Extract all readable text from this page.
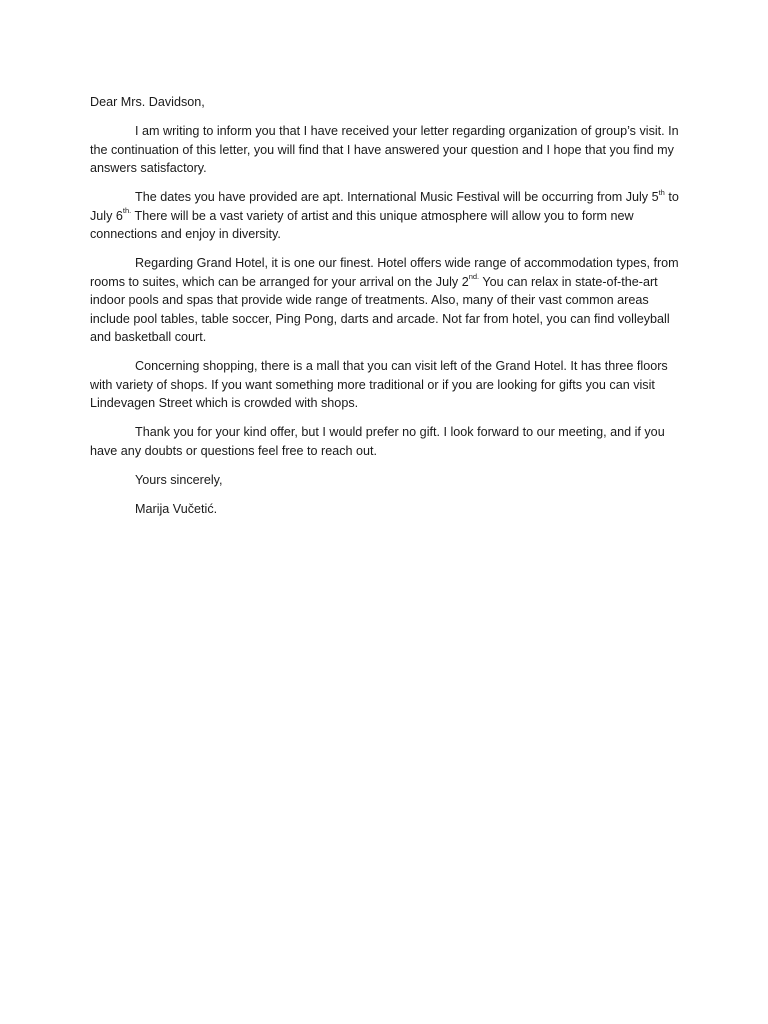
Dear Mrs. Davidson,

I am writing to inform you that I have received your letter regarding organization of group’s visit. In the continuation of this letter, you will find that I have answered your question and I hope that you find my answers satisfactory.

The dates you have provided are apt. International Music Festival will be occurring from July 5th to July $6^{th.}$ There will be a vast variety of artist and this unique atmosphere will allow you to form new connections and enjoy in diversity.

Regarding Grand Hotel, it is one our finest. Hotel offers wide range of accommodation types, from rooms to suites, which can be arranged for your arrival on the July $2^{nd.}$ You can relax in state-of-the-art indoor pools and spas that provide wide range of treatments. Also, many of their vast common areas include pool tables, table soccer, Ping Pong, darts and arcade. Not far from hotel, you can find volleyball and basketball court.

Concerning shopping, there is a mall that you can visit left of the Grand Hotel. It has three floors with variety of shops. If you want something more traditional or if you are looking for gifts you can visit Lindevagen Street which is crowded with shops.

Thank you for your kind offer, but I would prefer no gift. I look forward to our meeting, and if you have any doubts or questions feel free to reach out.

Yours sincerely,

Marija Vučetić.
